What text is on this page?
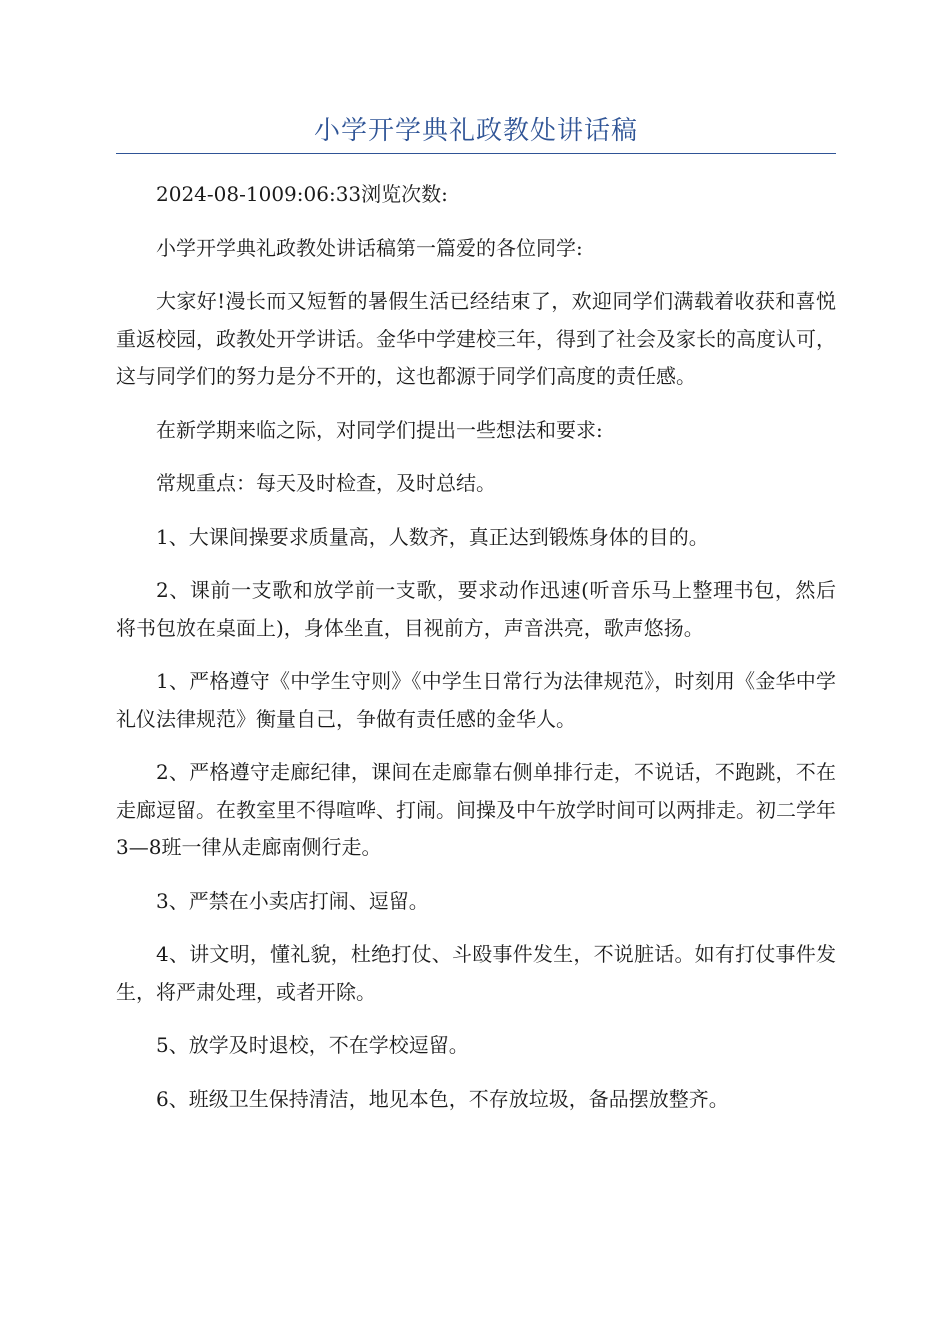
小学开学典礼政教处讲话稿

2024-08-1009:06:33浏览次数:

小学开学典礼政教处讲话稿第一篇爱的各位同学:

大家好!漫长而又短暂的暑假生活已经结束了，欢迎同学们满载着收获和喜悦重返校园，政教处开学讲话。金华中学建校三年，得到了社会及家长的高度认可，这与同学们的努力是分不开的，这也都源于同学们高度的责任感。

在新学期来临之际，对同学们提出一些想法和要求:

常规重点：每天及时检查，及时总结。

1、大课间操要求质量高，人数齐，真正达到锻炼身体的目的。

2、课前一支歌和放学前一支歌，要求动作迅速(听音乐马上整理书包，然后将书包放在桌面上)，身体坐直，目视前方，声音洪亮，歌声悠扬。

1、严格遵守《中学生守则》《中学生日常行为法律规范》，时刻用《金华中学礼仪法律规范》衡量自己，争做有责任感的金华人。

2、严格遵守走廊纪律，课间在走廊靠右侧单排行走，不说话，不跑跳，不在走廊逗留。在教室里不得喧哗、打闹。间操及中午放学时间可以两排走。初二学年3—8班一律从走廊南侧行走。

3、严禁在小卖店打闹、逗留。

4、讲文明，懂礼貌，杜绝打仗、斗殴事件发生，不说脏话。如有打仗事件发生，将严肃处理，或者开除。

5、放学及时退校，不在学校逗留。

6、班级卫生保持清洁，地见本色，不存放垃圾，备品摆放整齐。
